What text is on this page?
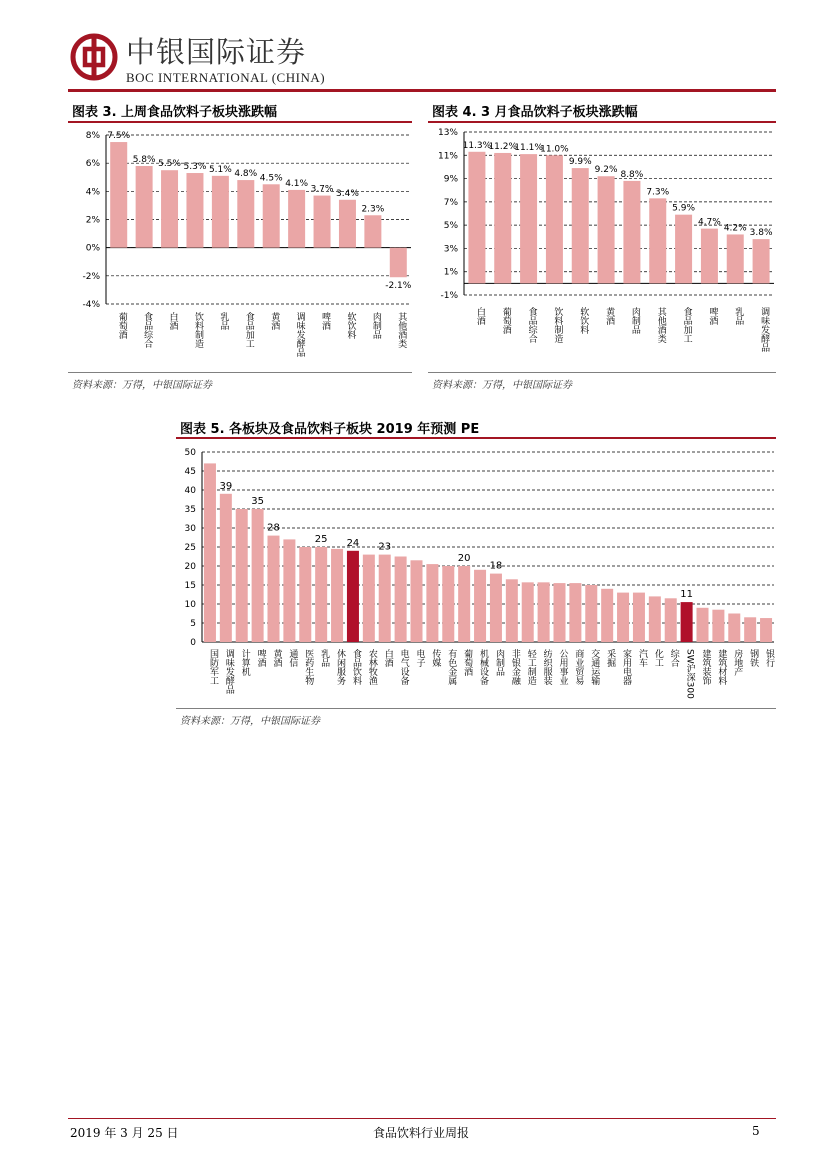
中银国际证券
BOC INTERNATIONAL (CHINA)
图表 3. 上周食品饮料子板块涨跌幅
-4%
-2%
0%
2%
4%
6%
8%
葡萄酒
7.5%
食品综合
5.8%
白酒
5.5%
饮料制造
5.3%
乳品
5.1%
食品加工
4.8%
黄酒
4.5%
调味发酵品
4.1%
啤酒
3.7%
软饮料
3.4%
肉制品
2.3%
其他酒类
-2.1%
资料来源：万得，中银国际证券
图表 4. 3 月食品饮料子板块涨跌幅
-1%
1%
3%
5%
7%
9%
11%
13%
白酒
11.3%
葡萄酒
11.2%
食品综合
11.1%
饮料制造
11.0%
软饮料
9.9%
黄酒
9.2%
肉制品
8.8%
其他酒类
7.3%
食品加工
5.9%
啤酒
4.7%
乳品
4.2%
调味发酵品
3.8%
资料来源：万得，中银国际证券
图表 5. 各板块及食品饮料子板块 2019 年预测 PE
0
5
10
15
20
25
30
35
40
45
50
国防军工 调味发酵品 计算机 啤酒 黄酒 通信 医药生物 乳品 休闲服务 食品饮料 农林牧渔 白酒 电气设备 电子 传媒 有色金属 葡萄酒 机械设备 肉制品 非银金融 轻工制造 纺织服装 公用事业 商业贸易 交通运输 采掘 家用电器 汽车 化工 综合 SW沪深300 建筑装饰 建筑材料 房地产 钢铁 银行
39
35
28
25 24 23
20
18
11
资料来源：万得，中银国际证券
2019 年 3 月 25 日	食品饮料行业周报	5
